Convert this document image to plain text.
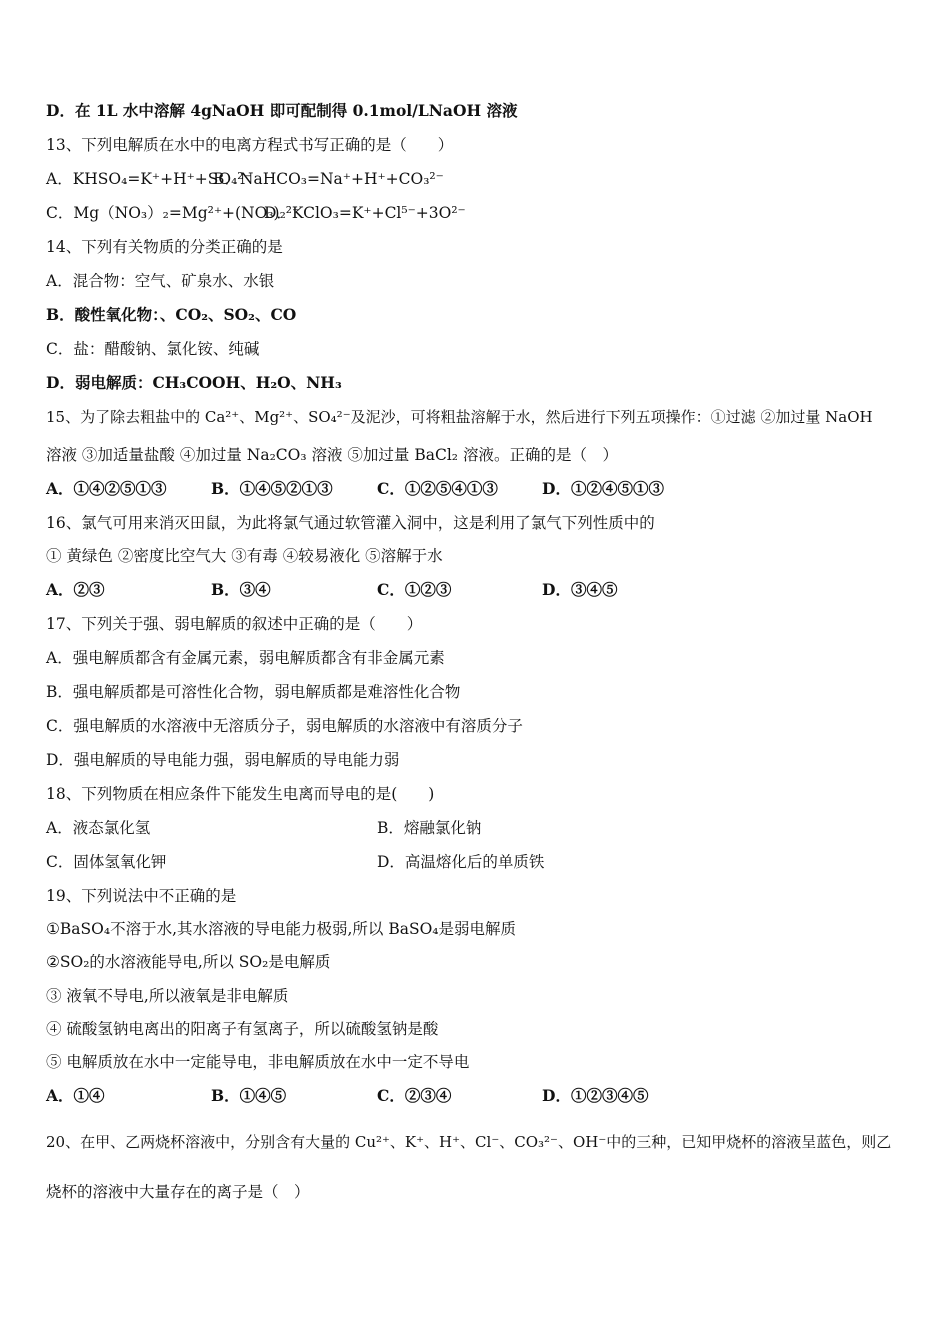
D．在 1L 水中溶解 4gNaOH 即可配制得 0.1mol/LNaOH 溶液
13、下列电解质在水中的电离方程式书写正确的是（　　）
A．KHSO₄=K⁺+H⁺+SO₄²⁻
B．NaHCO₃=Na⁺+H⁺+CO₃²⁻
C．Mg（NO₃）₂=Mg²⁺+(NO₃)₂²⁻
D．KClO₃=K⁺+Cl⁵⁻+3O²⁻
14、下列有关物质的分类正确的是
A．混合物：空气、矿泉水、水银
B．酸性氧化物：、CO₂、SO₂、CO
C．盐：醋酸钠、氯化铵、纯碱
D．弱电解质：CH₃COOH、H₂O、NH₃
15、为了除去粗盐中的 Ca²⁺、Mg²⁺、SO₄²⁻及泥沙，可将粗盐溶解于水，然后进行下列五项操作：①过滤 ②加过量 NaOH
溶液 ③加适量盐酸 ④加过量 Na₂CO₃ 溶液 ⑤加过量 BaCl₂ 溶液。正确的是（　）
A．①④②⑤①③	B．①④⑤②①③	C．①②⑤④①③	D．①②④⑤①③
16、氯气可用来消灭田鼠，为此将氯气通过软管灌入洞中，这是利用了氯气下列性质中的
① 黄绿色 ②密度比空气大 ③有毒 ④较易液化 ⑤溶解于水
A．②③	B．③④	C．①②③	D．③④⑤
17、下列关于强、弱电解质的叙述中正确的是（　　）
A．强电解质都含有金属元素，弱电解质都含有非金属元素
B．强电解质都是可溶性化合物，弱电解质都是难溶性化合物
C．强电解质的水溶液中无溶质分子，弱电解质的水溶液中有溶质分子
D．强电解质的导电能力强，弱电解质的导电能力弱
18、下列物质在相应条件下能发生电离而导电的是(　　)
A．液态氯化氢	B．熔融氯化钠
C．固体氢氧化钾	D．高温熔化后的单质铁
19、下列说法中不正确的是
①BaSO₄不溶于水,其水溶液的导电能力极弱,所以 BaSO₄是弱电解质
②SO₂的水溶液能导电,所以 SO₂是电解质
③ 液氧不导电,所以液氧是非电解质
④ 硫酸氢钠电离出的阳离子有氢离子，所以硫酸氢钠是酸
⑤ 电解质放在水中一定能导电，非电解质放在水中一定不导电
A．①④	B．①④⑤	C．②③④	D．①②③④⑤
20、在甲、乙两烧杯溶液中，分别含有大量的 Cu²⁺、K⁺、H⁺、Cl⁻、CO₃²⁻、OH⁻中的三种，已知甲烧杯的溶液呈蓝色，则乙
烧杯的溶液中大量存在的离子是（　）
